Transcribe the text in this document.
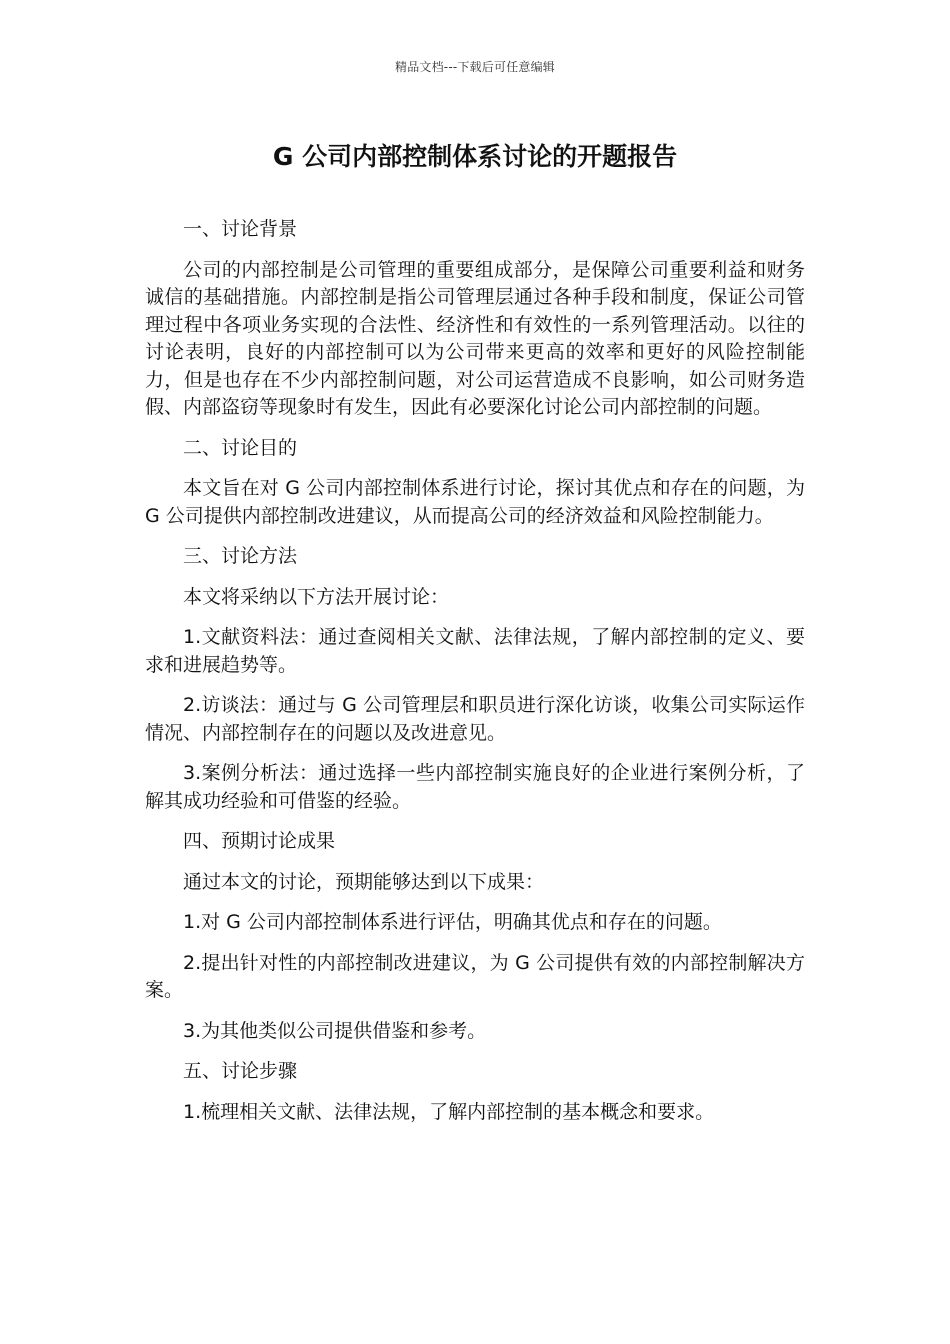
精品文档---下载后可任意编辑
G 公司内部控制体系讨论的开题报告

一、讨论背景

公司的内部控制是公司管理的重要组成部分，是保障公司重要利益和财务诚信的基础措施。内部控制是指公司管理层通过各种手段和制度，保证公司管理过程中各项业务实现的合法性、经济性和有效性的一系列管理活动。以往的讨论表明，良好的内部控制可以为公司带来更高的效率和更好的风险控制能力，但是也存在不少内部控制问题，对公司运营造成不良影响，如公司财务造假、内部盗窃等现象时有发生，因此有必要深化讨论公司内部控制的问题。

二、讨论目的

本文旨在对 G 公司内部控制体系进行讨论，探讨其优点和存在的问题，为 G 公司提供内部控制改进建议，从而提高公司的经济效益和风险控制能力。

三、讨论方法

本文将采纳以下方法开展讨论：

1.文献资料法：通过查阅相关文献、法律法规，了解内部控制的定义、要求和进展趋势等。

2.访谈法：通过与 G 公司管理层和职员进行深化访谈，收集公司实际运作情况、内部控制存在的问题以及改进意见。

3.案例分析法：通过选择一些内部控制实施良好的企业进行案例分析，了解其成功经验和可借鉴的经验。

四、预期讨论成果

通过本文的讨论，预期能够达到以下成果：

1.对 G 公司内部控制体系进行评估，明确其优点和存在的问题。

2.提出针对性的内部控制改进建议，为 G 公司提供有效的内部控制解决方案。

3.为其他类似公司提供借鉴和参考。

五、讨论步骤

1.梳理相关文献、法律法规，了解内部控制的基本概念和要求。
